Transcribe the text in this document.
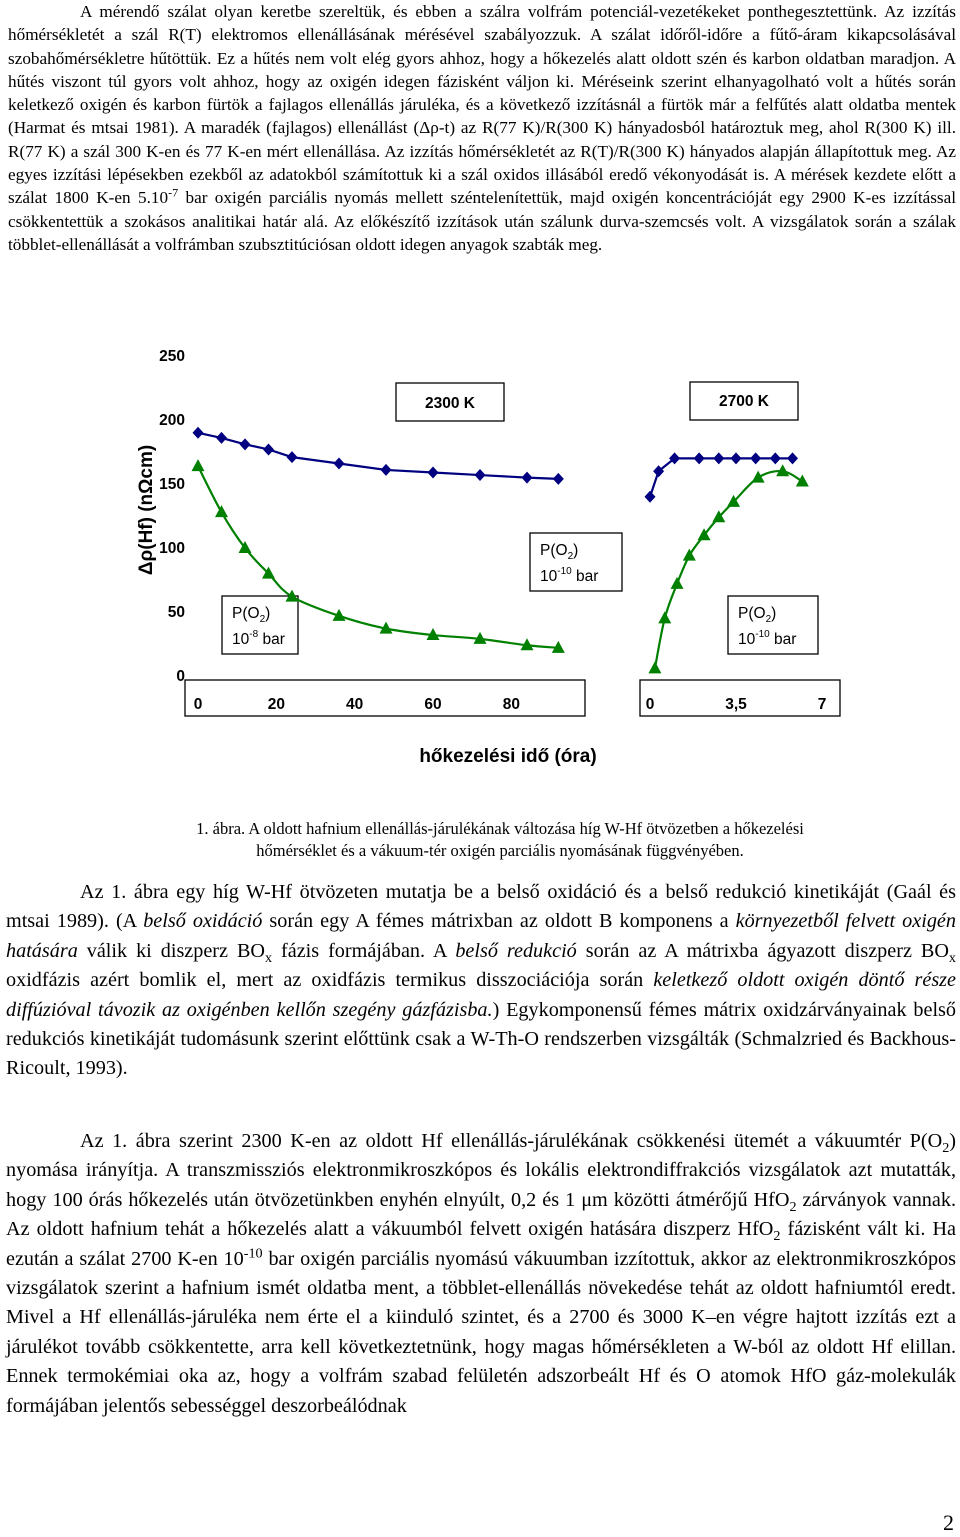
A mérendő szálat olyan keretbe szereltük, és ebben a szálra volfrám potenciál-vezetékeket ponthegesztettünk. Az izzítás hőmérsékletét a szál R(T) elektromos ellenállásának mérésével szabályozzuk. A szálat időről-időre a fűtő-áram kikapcsolásával szobahőmérsékletre hűtöttük. Ez a hűtés nem volt elég gyors ahhoz, hogy a hőkezelés alatt oldott szén és karbon oldatban maradjon. A hűtés viszont túl gyors volt ahhoz, hogy az oxigén idegen fázisként váljon ki. Méréseink szerint elhanyagolható volt a hűtés során keletkező oxigén és karbon fürtök a fajlagos ellenállás járuléka, és a következő izzításnál a fürtök már a felfűtés alatt oldatba mentek (Harmat és mtsai 1981). A maradék (fajlagos) ellenállást (Δρ-t) az R(77 K)/R(300 K) hányadosból határoztuk meg, ahol R(300 K) ill. R(77 K) a szál 300 K-en és 77 K-en mért ellenállása. Az izzítás hőmérsékletét az R(T)/R(300 K) hányados alapján állapítottuk meg. Az egyes izzítási lépésekben ezekből az adatokból számítottuk ki a szál oxidos illásából eredő vékonyodását is. A mérések kezdete előtt a szálat 1800 K-en $5.10^{-7}$ bar oxigén parciális nyomás mellett széntelenítettük, majd oxigén koncentrációját egy 2900 K-es izzítással csökkentettük a szokásos analitikai határ alá. Az előkészítő izzítások után szálunk durva-szemcsés volt. A vizsgálatok során a szálak többlet-ellenállását a volfrámban szubsztitúciósan oldott idegen anyagok szabták meg.
0
50
100
150
200
250
Δρ(Hf) (nΩcm)
0	20	40	60	80	0	3,5	7
hőkezelési idő (óra)
2300 K	2700 K
$P(O_2)$
$10^{-8}$ bar
$P(O_2)$
$10^{-10}$ bar
$P(O_2)$
$10^{-10}$ bar
1. ábra. A oldott hafnium ellenállás-járulékának változása híg W-Hf ötvözetben a hőkezelési
hőmérséklet és a vákuum-tér oxigén parciális nyomásának függvényében.
Az 1. ábra egy híg W-Hf ötvözeten mutatja be a belső oxidáció és a belső redukció kinetikáját (Gaál és mtsai 1989). (A belső oxidáció során egy A fémes mátrixban az oldott B komponens a környezetből felvett oxigén hatására válik ki diszperz $BO_x$ fázis formájában. A belső redukció során az A mátrixba ágyazott diszperz $BO_x$ oxidfázis azért bomlik el, mert az oxidfázis termikus disszociációja során keletkező oldott oxigén döntő része diffúzióval távozik az oxigénben kellőn szegény gázfázisba.) Egykomponensű fémes mátrix oxidzárványainak belső redukciós kinetikáját tudomásunk szerint előttünk csak a W-Th-O rendszerben vizsgálták (Schmalzried és Backhous-Ricoult, 1993).
Az 1. ábra szerint 2300 K-en az oldott Hf ellenállás-járulékának csökkenési ütemét a vákuumtér $P(O_2)$ nyomása irányítja. A transzmissziós elektronmikroszkópos és lokális elektrondiffrakciós vizsgálatok azt mutatták, hogy 100 órás hőkezelés után ötvözetünkben enyhén elnyúlt, 0,2 és 1 μm közötti átmérőjű HfO$_2$ zárványok vannak. Az oldott hafnium tehát a hőkezelés alatt a vákuumból felvett oxigén hatására diszperz HfO$_2$ fázisként vált ki. Ha ezután a szálat 2700 K-en $10^{-10}$ bar oxigén parciális nyomású vákuumban izzítottuk, akkor az elektronmikroszkópos vizsgálatok szerint a hafnium ismét oldatba ment, a többlet-ellenállás növekedése tehát az oldott hafniumtól eredt. Mivel a Hf ellenállás-járuléka nem érte el a kiinduló szintet, és a 2700 és 3000 K–en végre hajtott izzítás ezt a járulékot tovább csökkentette, arra kell következtetnünk, hogy magas hőmérsékleten a W-ból az oldott Hf elillan. Ennek termokémiai oka az, hogy a volfrám szabad felületén adszorbeált Hf és O atomok HfO gáz-molekulák formájában jelentős sebességgel deszorbeálódnak
2
